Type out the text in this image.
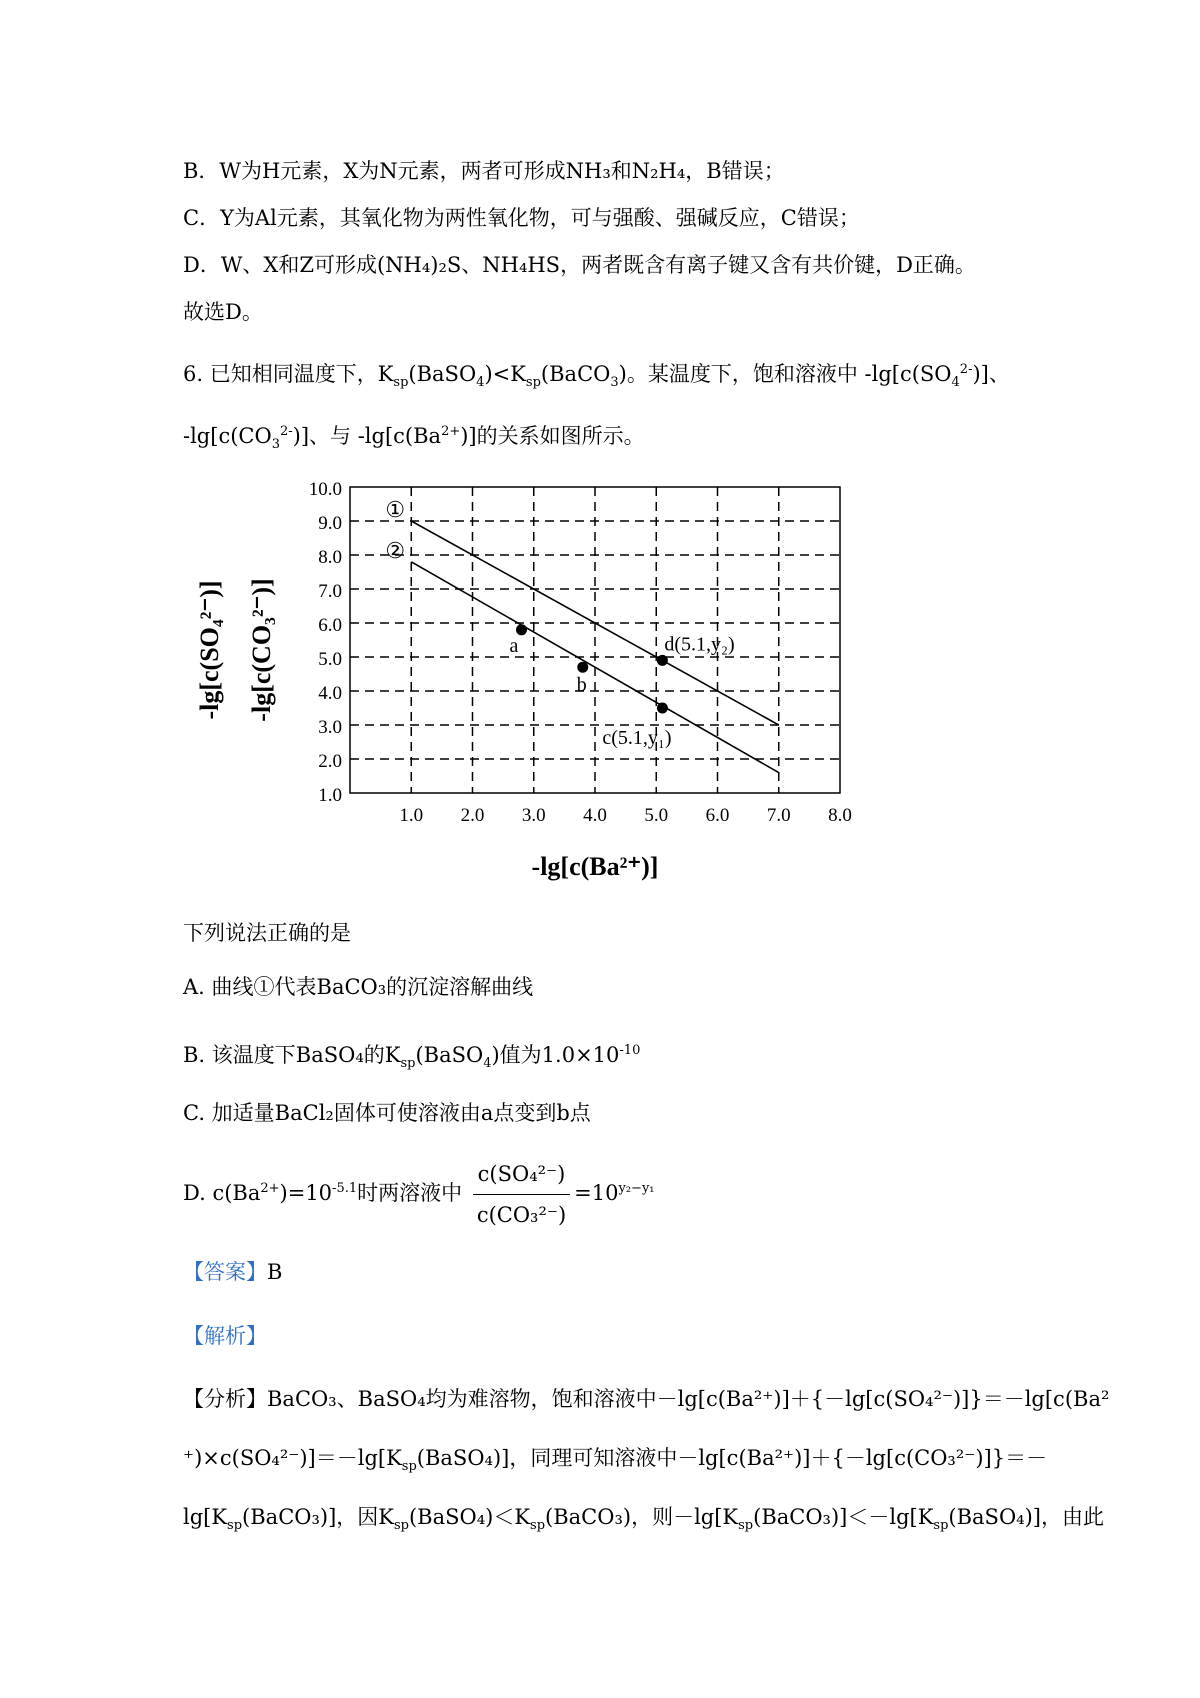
B．W为H元素，X为N元素，两者可形成NH₃和N₂H₄，B错误；
C．Y为Al元素，其氧化物为两性氧化物，可与强酸、强碱反应，C错误；
D．W、X和Z可形成(NH₄)₂S、NH₄HS，两者既含有离子键又含有共价键，D正确。
故选D。
6. 已知相同温度下，$K_{sp}(BaSO_4)<K_{sp}(BaCO_3)$。某温度下，饱和溶液中 $-\lg[c(SO_4^{2-})]$、
$-\lg[c(CO_3^{2-})]$、与 $-\lg[c(Ba^{2+})]$的关系如图所示。
10.0
9.0
8.0
7.0
6.0
5.0
4.0
3.0
2.0
1.0
1.0 2.0 3.0 4.0 5.0 6.0 7.0 8.0
①
②
a
b
d(5.1,y₂)
c(5.1,y₁)
-lg[c(SO₄²⁻)] -lg[c(CO₃²⁻)]
-lg[c(Ba²⁺)]
下列说法正确的是
A. 曲线①代表BaCO₃的沉淀溶解曲线
B. 该温度下BaSO₄的$K_{sp}(BaSO_4)$值为$1.0\times 10^{-10}$
C. 加适量BaCl₂固体可使溶液由a点变到b点
D. $c(Ba^{2+})=10^{-5.1}$时两溶液中 $\frac{\text{c(SO₄²⁻)}}{\text{c(CO₃²⁻)}} =10^{y_2-y_1}$
【答案】B
【解析】
【分析】BaCO₃、BaSO₄均为难溶物，饱和溶液中－lg[c(Ba²⁺)]＋{－lg[c(SO₄²⁻)]}＝－lg[c(Ba²
$^+)\times c(SO_4^{2-})]=-\lg[K_{sp}(BaSO_4)]$，同理可知溶液中－lg[c(Ba²⁺)]＋{－lg[c(CO₃²⁻)]}＝－
$\lg[K_{sp}(BaCO_3)]$，因$K_{sp}(BaSO_4)<K_{sp}(BaCO_3)$，则$-\lg[K_{sp}(BaCO_3)]<-\lg[K_{sp}(BaSO_4)]$，由此
